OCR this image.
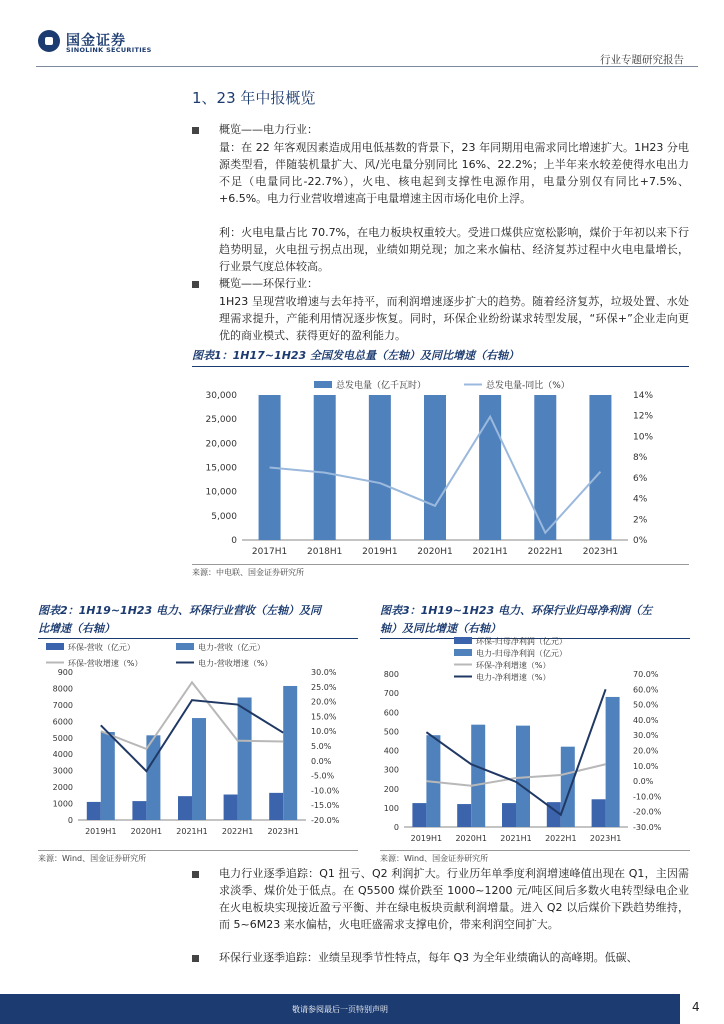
国金证券
SINOLINK SECURITIES
行业专题研究报告
1、23 年中报概览
概览——电力行业：
量：在 22 年客观因素造成用电低基数的背景下，23 年同期用电需求同比增速扩大。1H23 分电源类型看，伴随装机量扩大、风/光电量分别同比 16%、22.2%；上半年来水较差使得水电出力不足（电量同比-22.7%），火电、核电起到支撑性电源作用，电量分别仅有同比+7.5%、+6.5%。电力行业营收增速高于电量增速主因市场化电价上浮。
利：火电电量占比 70.7%，在电力板块权重较大。受进口煤供应宽松影响，煤价于年初以来下行趋势明显，火电扭亏拐点出现，业绩如期兑现；加之来水偏枯、经济复苏过程中火电电量增长，行业景气度总体较高。
概览——环保行业：
1H23 呈现营收增速与去年持平，而利润增速逐步扩大的趋势。随着经济复苏，垃圾处置、水处理需求提升，产能利用情况逐步恢复。同时，环保企业纷纷谋求转型发展，“环保+”企业走向更优的商业模式、获得更好的盈利能力。
图表1：1H17~1H23 全国发电总量（左轴）及同比增速（右轴）
0
5,000
10,000
15,000
20,000
25,000
30,000
0%
2%
4%
6%
8%
10%
12%
14%
2017H1 2018H1 2019H1 2020H1 2021H1 2022H1 2023H1
总发电量（亿千瓦时）	总发电量-同比（%）
来源：中电联、国金证券研究所
图表2：1H19~1H23 电力、环保行业营收（左轴）及同
比增速（右轴）
0
1000
2000
3000
4000
5000
6000
7000
8000
900
-20.0%
-15.0%
-10.0%
-5.0%
0.0%
5.0%
10.0%
15.0%
20.0%
25.0%
30.0%
2019H1 2020H1 2021H1 2022H1 2023H1
环保-营收（亿元）	电力-营收（亿元）
环保-营收增速（%）	电力-营收增速（%）
来源：Wind、国金证券研究所
图表3：1H19~1H23 电力、环保行业归母净利润（左
轴）及同比增速（右轴）
0
100
200
300
400
500
600
700
800
-30.0%
-20.0%
-10.0%
0.0%
10.0%
20.0%
30.0%
40.0%
50.0%
60.0%
70.0%
2019H1 2020H1 2021H1 2022H1 2023H1
环保-归母净利润（亿元）
电力-归母净利润（亿元）
环保-净利增速（%）
电力-净利增速（%）
来源：Wind、国金证券研究所
电力行业逐季追踪：Q1 扭亏、Q2 利润扩大。行业历年单季度利润增速峰值出现在 Q1，主因需求淡季、煤价处于低点。在 Q5500 煤价跌至 1000~1200 元/吨区间后多数火电转型绿电企业在火电板块实现接近盈亏平衡、并在绿电板块贡献利润增量。进入 Q2 以后煤价下跌趋势维持，而 5~6M23 来水偏枯，火电旺盛需求支撑电价，带来利润空间扩大。
环保行业逐季追踪：业绩呈现季节性特点，每年 Q3 为全年业绩确认的高峰期。低碳、
敬请参阅最后一页特别声明	4
